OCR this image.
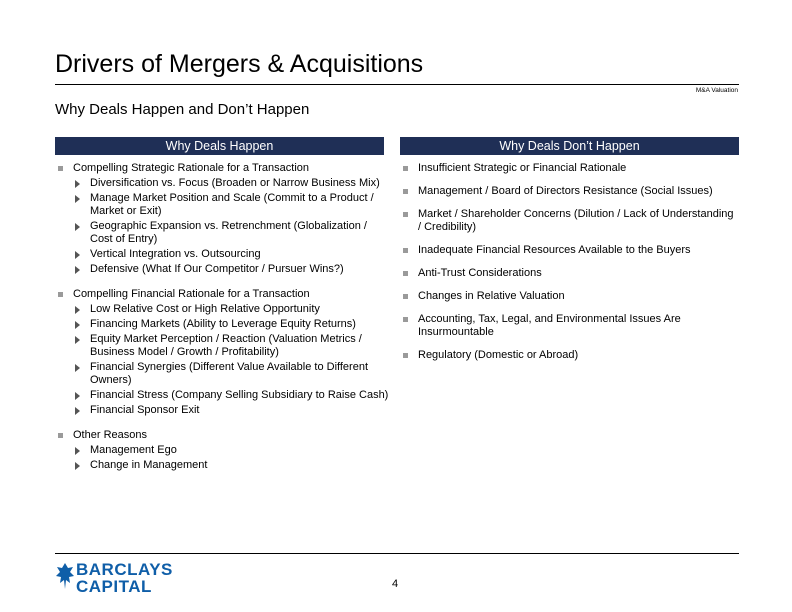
Drivers of Mergers & Acquisitions
M&A Valuation
Why Deals Happen and Don’t Happen
Why Deals Happen	Why Deals Don’t Happen
Compelling Strategic Rationale for a Transaction
Diversification vs. Focus (Broaden or Narrow Business Mix)
Manage Market Position and Scale (Commit to a Product / Market or Exit)
Geographic Expansion vs. Retrenchment (Globalization / Cost of Entry)
Vertical Integration vs. Outsourcing
Defensive (What If Our Competitor / Pursuer Wins?)
Compelling Financial Rationale for a Transaction
Low Relative Cost or High Relative Opportunity
Financing Markets (Ability to Leverage Equity Returns)
Equity Market Perception / Reaction (Valuation Metrics / Business Model / Growth / Profitability)
Financial Synergies (Different Value Available to Different Owners)
Financial Stress (Company Selling Subsidiary to Raise Cash)
Financial Sponsor Exit
Other Reasons
Management Ego
Change in Management
Insufficient Strategic or Financial Rationale
Management / Board of Directors Resistance (Social Issues)
Market / Shareholder Concerns (Dilution / Lack of Understanding / Credibility)
Inadequate Financial Resources Available to the Buyers
Anti-Trust Considerations
Changes in Relative Valuation
Accounting, Tax, Legal, and Environmental Issues Are Insurmountable
Regulatory (Domestic or Abroad)
BARCLAYS
CAPITAL	4
